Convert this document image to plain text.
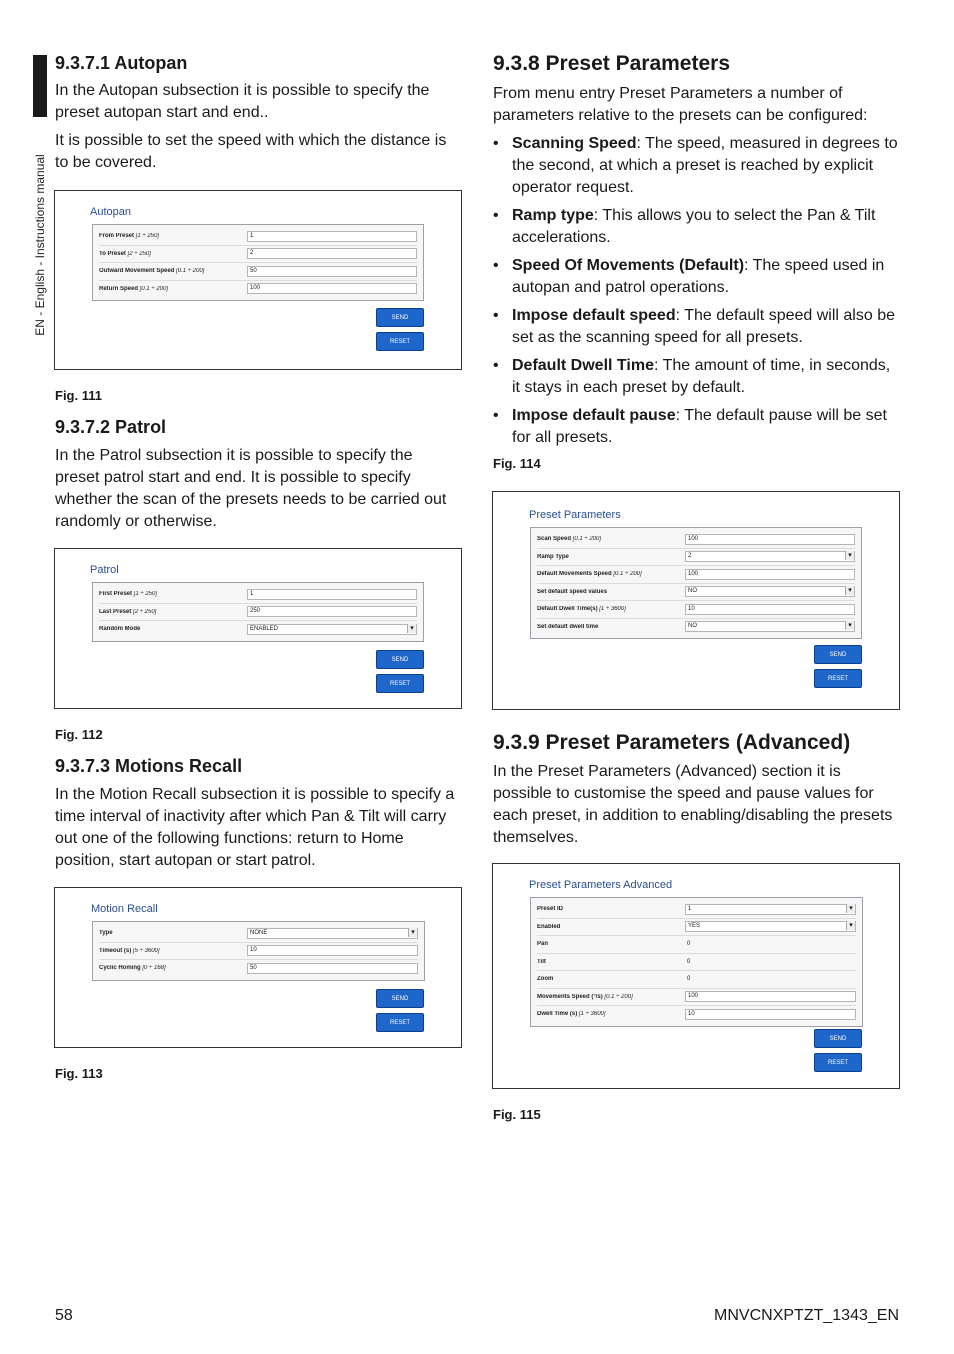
EN - English - Instructions manual
9.3.7.1 Autopan

In the Autopan subsection it is possible to specify the preset autopan start and end..

It is possible to set the speed with which the distance is to be covered.

Autopan
From Preset [1 ÷ 250]	1
To Preset [2 ÷ 250]	2
Outward Movement Speed [0.1 ÷ 200]	50
Return Speed [0.1 ÷ 200]	100
SEND
RESET
Fig. 111
9.3.7.2 Patrol

In the Patrol subsection it is possible to specify the preset patrol start and end. It is possible to specify whether the scan of the presets needs to be carried out randomly or otherwise.

Patrol
First Preset [1 ÷ 250]	1
Last Preset [2 ÷ 250]	250
Random Mode	ENABLED ▾
SEND
RESET
Fig. 112
9.3.7.3 Motions Recall

In the Motion Recall subsection it is possible to specify a time interval of inactivity after which Pan & Tilt will carry out one of the following functions: return to Home position, start autopan or start patrol.

Motion Recall
Type	NONE ▾
Timeout (s) [5 ÷ 3600]	10
Cyclic Homing [0 ÷ 168]	50
SEND
RESET
Fig. 113
9.3.8 Preset Parameters

From menu entry Preset Parameters a number of parameters relative to the presets can be configured:

• Scanning Speed: The speed, measured in degrees to the second, at which a preset is reached by explicit operator request.
• Ramp type: This allows you to select the Pan & Tilt accelerations.
• Speed Of Movements (Default): The speed used in autopan and patrol operations.
• Impose default speed: The default speed will also be set as the scanning speed for all presets.
• Default Dwell Time: The amount of time, in seconds, it stays in each preset by default.
• Impose default pause: The default pause will be set for all presets.
Fig. 114
Preset Parameters
Scan Speed [0.1 ÷ 200]	100
Ramp Type	2 ▾
Default Movements Speed [0.1 ÷ 200]	100
Set default speed values	NO ▾
Default Dwell Time(s) [1 ÷ 3600]	10
Set default dwell time	NO ▾
SEND
RESET
9.3.9 Preset Parameters (Advanced)

In the Preset Parameters (Advanced) section it is possible to customise the speed and pause values for each preset, in addition to enabling/disabling the presets themselves.

Preset Parameters Advanced
Preset ID	1 ▾
Enabled	YES ▾
Pan	0
Tilt	0
Zoom	0
Movements Speed (°/s) [0.1 ÷ 200]	100
Dwell Time (s) [1 ÷ 3600]	10
SEND
RESET
Fig. 115
58	MNVCNXPTZT_1343_EN
